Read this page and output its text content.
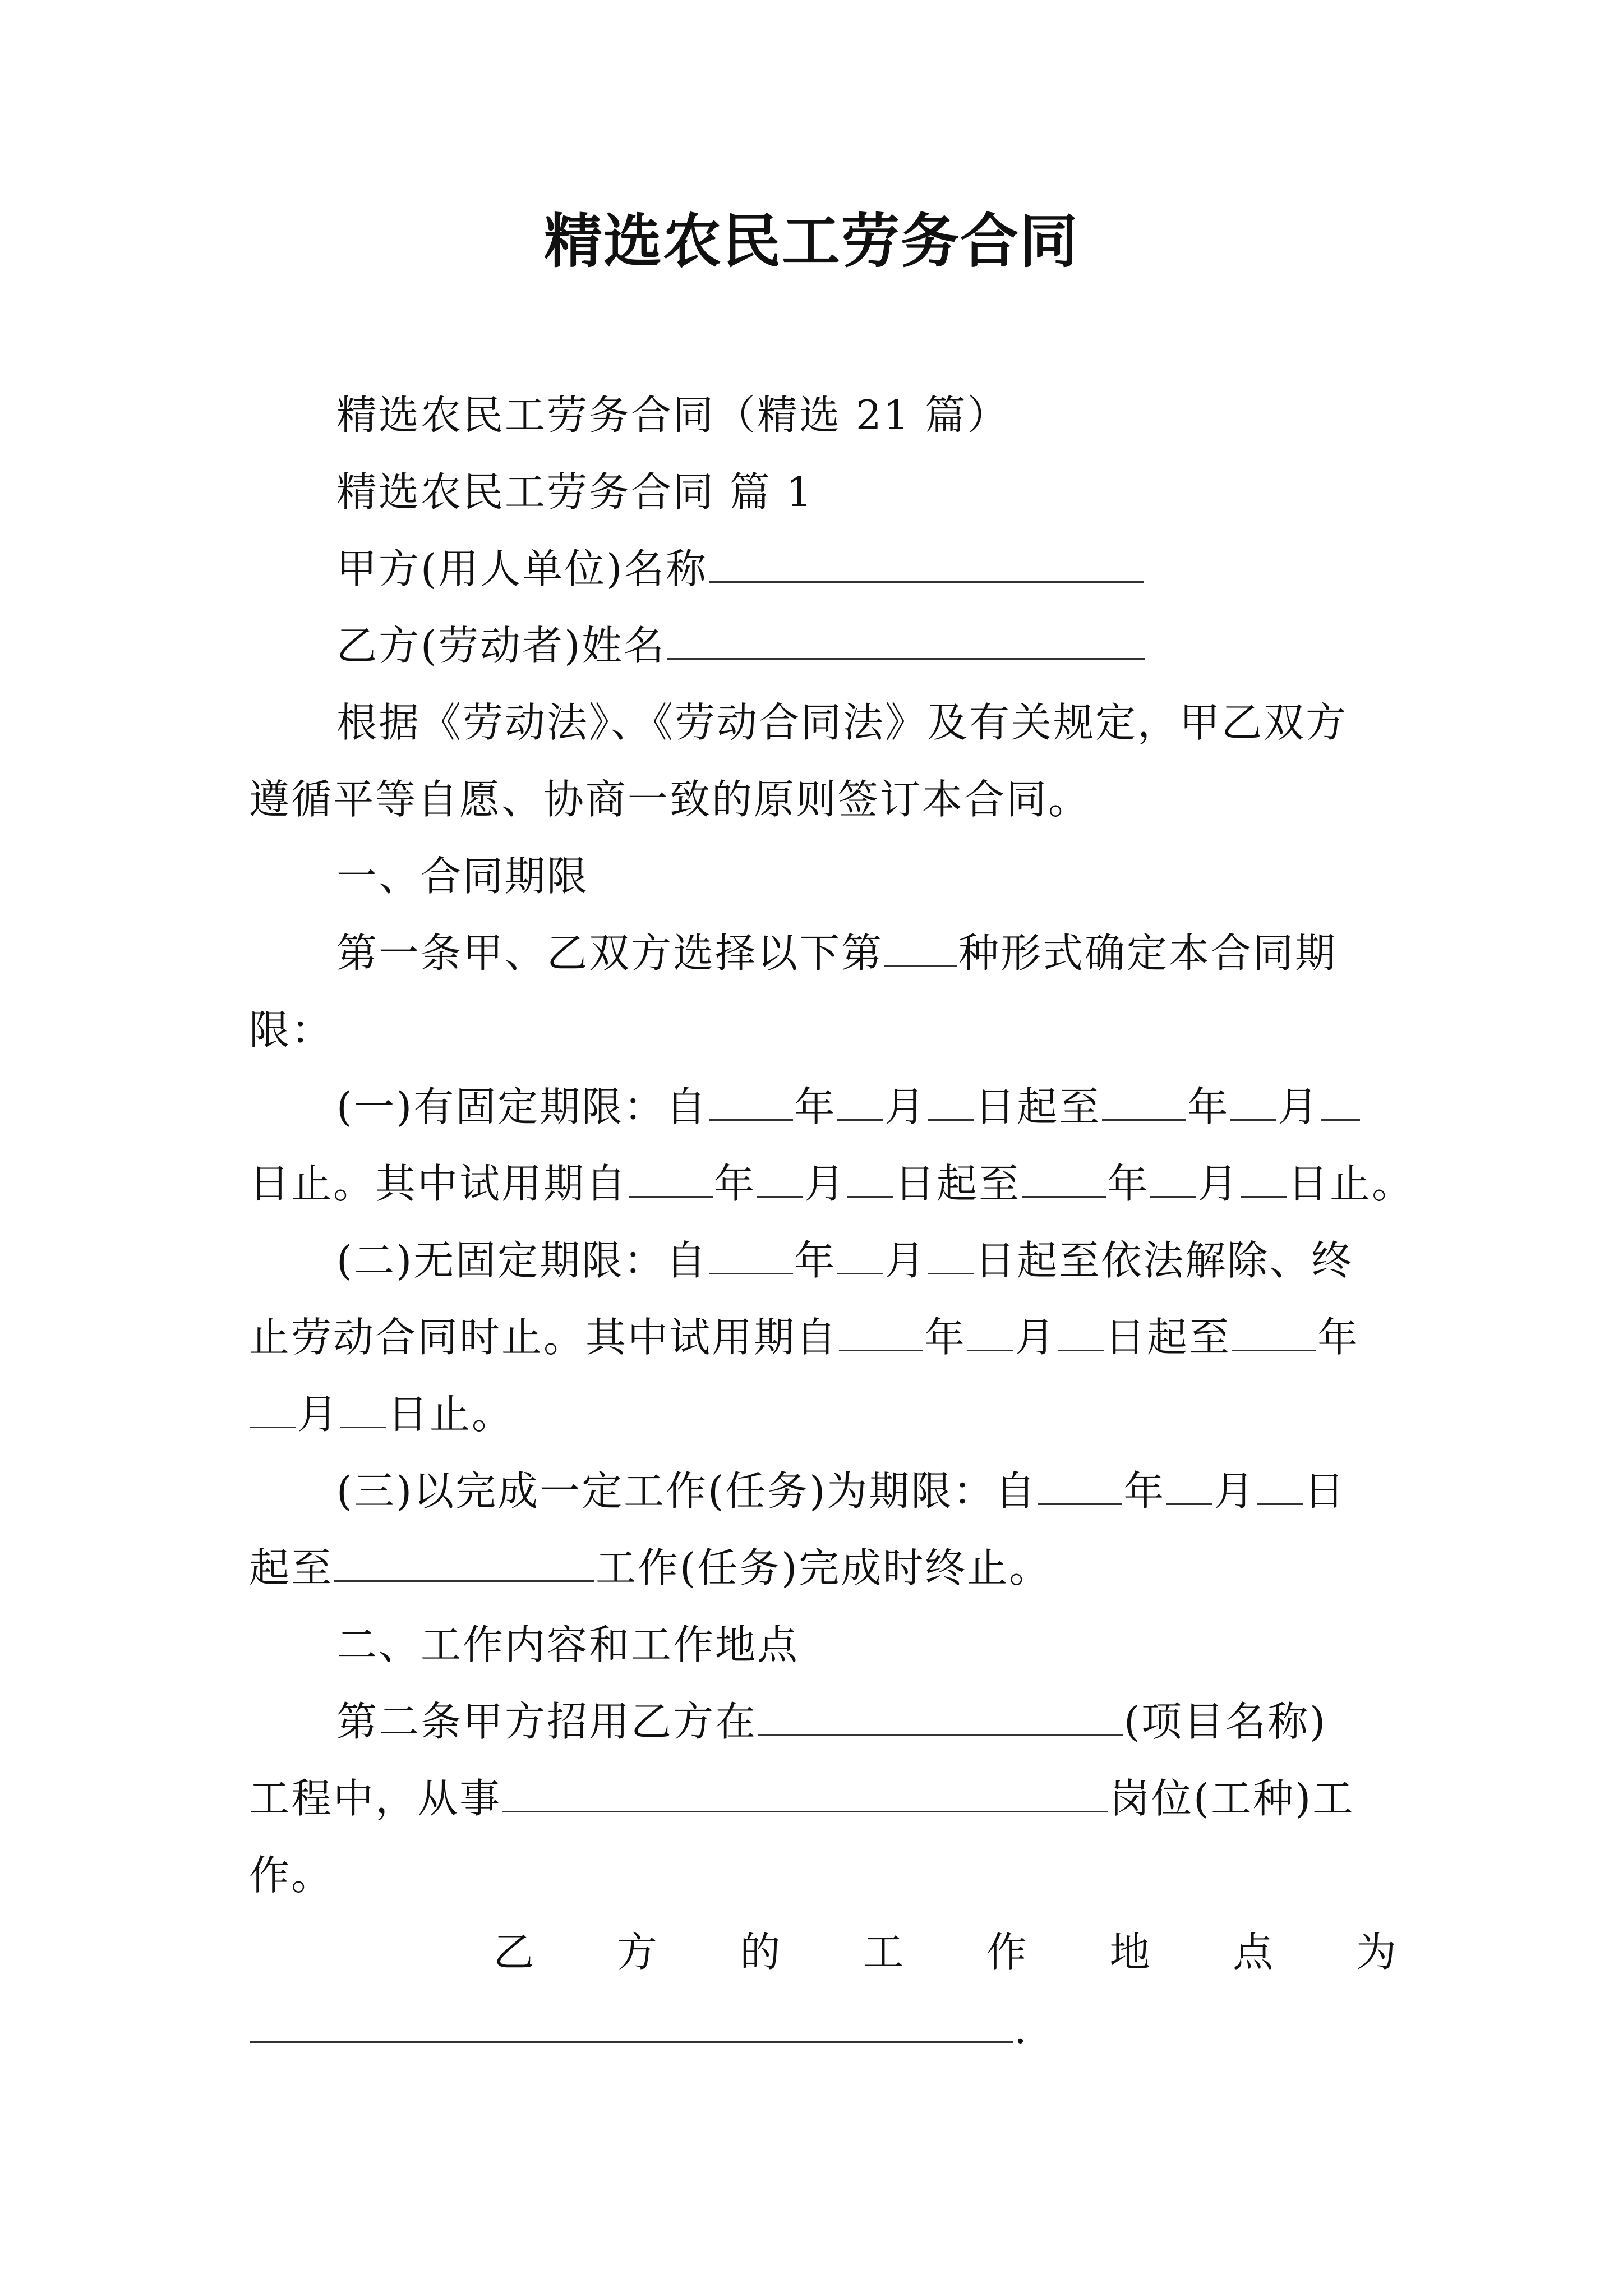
精选农民工劳务合同
精选农民工劳务合同（精选 21 篇）
精选农民工劳务合同 篇 1
甲方(用人单位)名称
乙方(劳动者)姓名
根据《劳动法》、《劳动合同法》及有关规定，甲乙双方
遵循平等自愿、协商一致的原则签订本合同。
一、合同期限
第一条甲、乙双方选择以下第 种形式确定本合同期
限：
(一)有固定期限：自 年 月 日起至 年 月
日止。其中试用期自 年 月 日起至 年 月 日止。
(二)无固定期限：自 年 月 日起至依法解除、终
止劳动合同时止。其中试用期自 年 月 日起至 年
月 日止。
(三)以完成一定工作(任务)为期限：自 年 月 日
起至	工作(任务)完成时终止。
二、工作内容和工作地点
第二条甲方招用乙方在	(项目名称)
工程中，从事	岗位(工种)工
作。
乙 方 的 工 作 地 点 为
.
